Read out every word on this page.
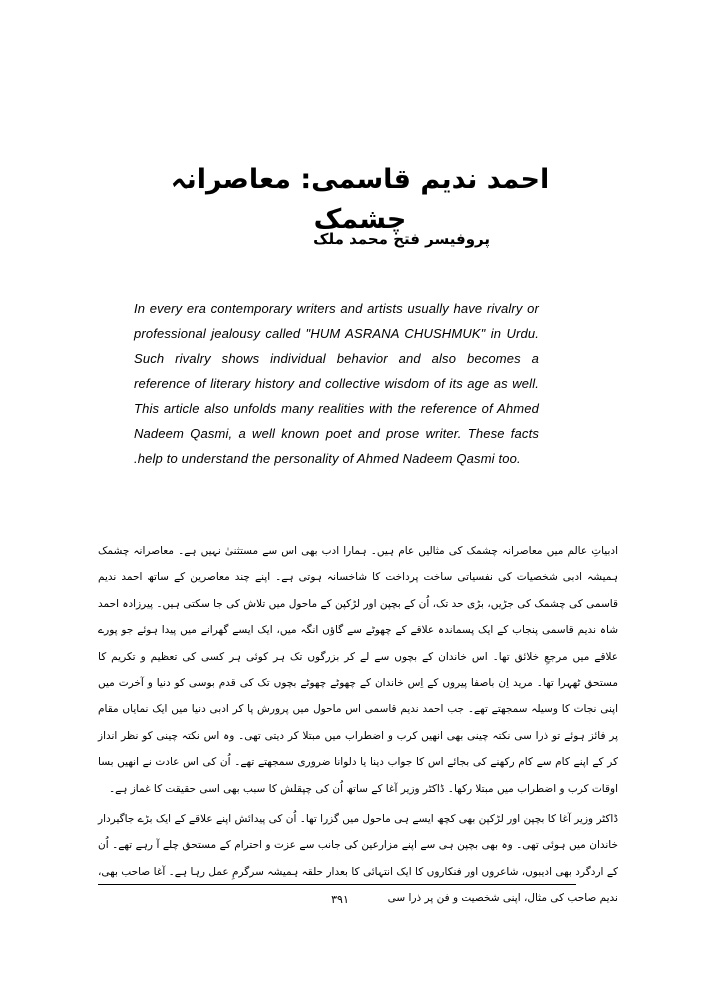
احمد ندیم قاسمی: معاصرانہ چشمک
پروفیسر فتح محمد ملک

In every era contemporary writers and artists usually have rivalry or professional jealousy called "HUM ASRANA CHUSHMUK" in Urdu. Such rivalry shows individual behavior and also becomes a reference of literary history and collective wisdom of its age as well. This article also unfolds many realities with the reference of Ahmed Nadeem Qasmi, a well known poet and prose writer. These facts .help to understand the personality of Ahmed Nadeem Qasmi too.

ادبیاتِ عالم میں معاصرانہ چشمک کی مثالیں عام ہیں۔ ہمارا ادب بھی اس سے مستثنیٰ نہیں ہے۔ معاصرانہ چشمک ہمیشہ ادبی شخصیات کی نفسیاتی ساخت پرداخت کا شاخسانہ ہوتی ہے۔ اپنے چند معاصرین کے ساتھ احمد ندیم قاسمی کی چشمک کی جڑیں، بڑی حد تک، اُن کے بچپن اور لڑکپن کے ماحول میں تلاش کی جا سکتی ہیں۔ پیرزادہ احمد شاہ ندیم قاسمی پنجاب کے ایک پسماندہ علاقے کے چھوٹے سے گاؤں انگہ میں، ایک ایسے گھرانے میں پیدا ہوئے جو پورے علاقے میں مرجعِ خلائق تھا۔ اس خاندان کے بچوں سے لے کر بزرگوں تک ہر کوئی ہر کسی کی تعظیم و تکریم کا مستحق ٹھہرا تھا۔ مرید اِن باصفا پیروں کے اِس خاندان کے چھوٹے چھوٹے بچوں تک کی قدم بوسی کو دنیا و آخرت میں اپنی نجات کا وسیلہ سمجھتے تھے۔ جب احمد ندیم قاسمی اس ماحول میں پرورش پا کر ادبی دنیا میں ایک نمایاں مقام پر فائز ہوئے تو ذرا سی نکتہ چینی بھی انھیں کرب و اضطراب میں مبتلا کر دیتی تھی۔ وہ اس نکتہ چینی کو نظر انداز کر کے اپنے کام سے کام رکھنے کی بجائے اس کا جواب دینا یا دلوانا ضروری سمجھتے تھے۔ اُن کی اس عادت نے انھیں بسا اوقات کرب و اضطراب میں مبتلا رکھا۔ ڈاکٹر وزیر آغا کے ساتھ اُن کی چپقلش کا سبب بھی اسی حقیقت کا غماز ہے۔

ڈاکٹر وزیر آغا کا بچپن اور لڑکپن بھی کچھ ایسے ہی ماحول میں گزرا تھا۔ اُن کی پیدائش اپنے علاقے کے ایک بڑے جاگیردار خاندان میں ہوئی تھی۔ وہ بھی بچپن ہی سے اپنے مزارعین کی جانب سے عزت و احترام کے مستحق چلے آ رہے تھے۔ اُن کے اردگرد بھی ادیبوں، شاعروں اور فنکاروں کا ایک انتہائی کا بعدار حلقہ ہمیشہ سرگرمِ عمل رہا ہے۔ آغا صاحب بھی، ندیم صاحب کی مثال، اپنی شخصیت و فن پر ذرا سی

۳۹۱
